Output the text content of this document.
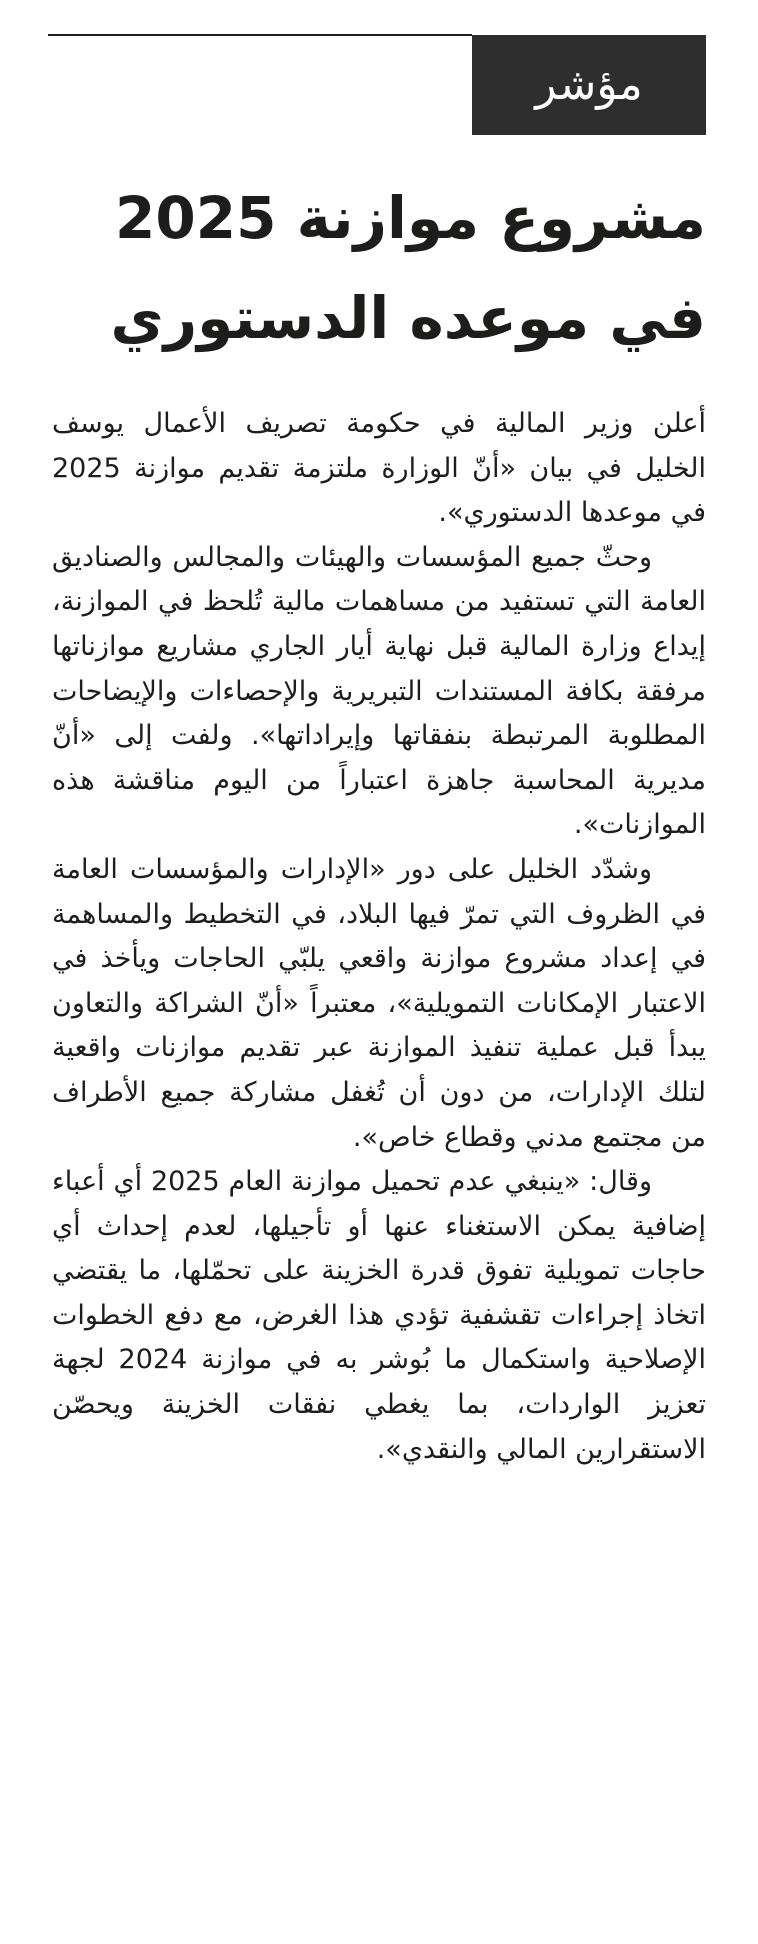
مؤشر
مشروع موازنة 2025
في موعده الدستوري

أعلن وزير المالية في حكومة تصريف الأعمال يوسف الخليل في بيان «أنّ الوزارة ملتزمة تقديم موازنة 2025 في موعدها الدستوري».

وحثّ جميع المؤسسات والهيئات والمجالس والصناديق العامة التي تستفيد من مساهمات مالية تُلحظ في الموازنة، إيداع وزارة المالية قبل نهاية أيار الجاري مشاريع موازناتها مرفقة بكافة المستندات التبريرية والإحصاءات والإيضاحات المطلوبة المرتبطة بنفقاتها وإيراداتها». ولفت إلى «أنّ مديرية المحاسبة جاهزة اعتباراً من اليوم مناقشة هذه الموازنات».

وشدّد الخليل على دور «الإدارات والمؤسسات العامة في الظروف التي تمرّ فيها البلاد، في التخطيط والمساهمة في إعداد مشروع موازنة واقعي يلبّي الحاجات ويأخذ في الاعتبار الإمكانات التمويلية»، معتبراً «أنّ الشراكة والتعاون يبدأ قبل عملية تنفيذ الموازنة عبر تقديم موازنات واقعية لتلك الإدارات، من دون أن تُغفل مشاركة جميع الأطراف من مجتمع مدني وقطاع خاص».

وقال: «ينبغي عدم تحميل موازنة العام 2025 أي أعباء إضافية يمكن الاستغناء عنها أو تأجيلها، لعدم إحداث أي حاجات تمويلية تفوق قدرة الخزينة على تحمّلها، ما يقتضي اتخاذ إجراءات تقشفية تؤدي هذا الغرض، مع دفع الخطوات الإصلاحية واستكمال ما بُوشر به في موازنة 2024 لجهة تعزيز الواردات، بما يغطي نفقات الخزينة ويحصّن الاستقرارين المالي والنقدي».
